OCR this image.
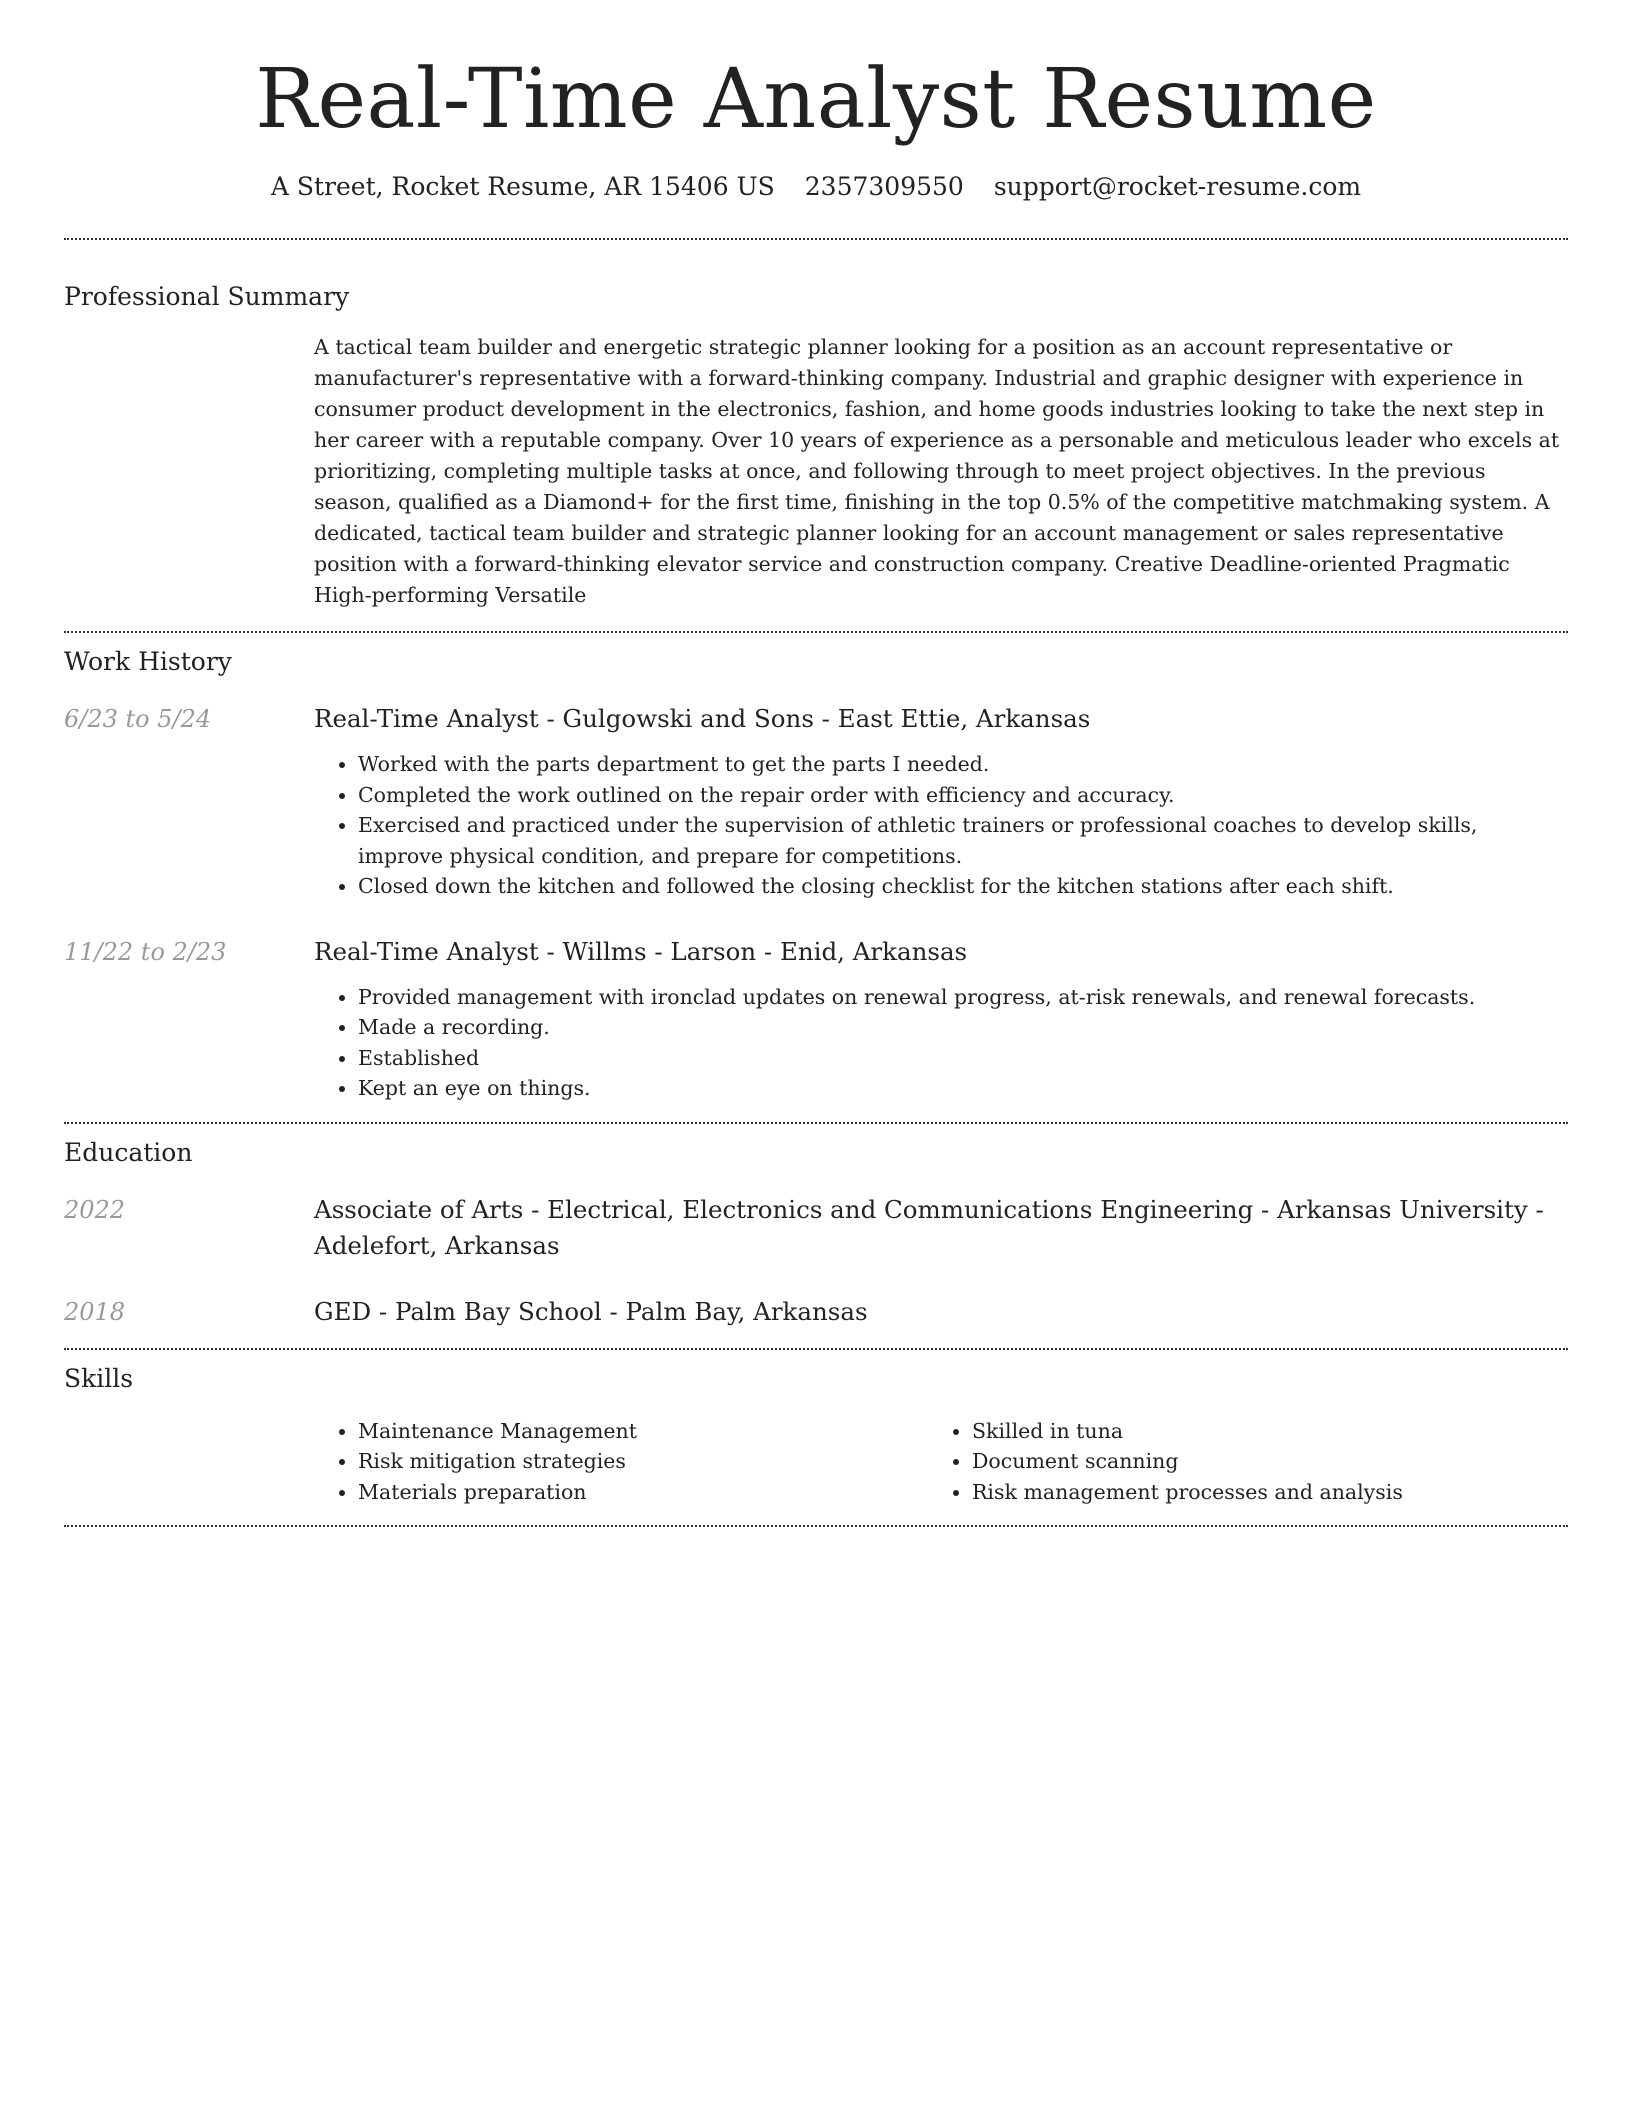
Real-Time Analyst Resume
A Street, Rocket Resume, AR 15406 US 2357309550 support@rocket-resume.com
Professional Summary

A tactical team builder and energetic strategic planner looking for a position as an account representative or manufacturer's representative with a forward-thinking company. Industrial and graphic designer with experience in consumer product development in the electronics, fashion, and home goods industries looking to take the next step in her career with a reputable company. Over 10 years of experience as a personable and meticulous leader who excels at prioritizing, completing multiple tasks at once, and following through to meet project objectives. In the previous season, qualified as a Diamond+ for the first time, finishing in the top 0.5% of the competitive matchmaking system. A dedicated, tactical team builder and strategic planner looking for an account management or sales representative position with a forward-thinking elevator service and construction company. Creative Deadline-oriented Pragmatic High-performing Versatile

Work History
6/23 to 5/24	Real-Time Analyst - Gulgowski and Sons - East Ettie, Arkansas
• Worked with the parts department to get the parts I needed.
• Completed the work outlined on the repair order with efficiency and accuracy.
• Exercised and practiced under the supervision of athletic trainers or professional coaches to develop skills, improve physical condition, and prepare for competitions.
• Closed down the kitchen and followed the closing checklist for the kitchen stations after each shift.
11/22 to 2/23	Real-Time Analyst - Willms - Larson - Enid, Arkansas
• Provided management with ironclad updates on renewal progress, at-risk renewals, and renewal forecasts.
• Made a recording.
• Established
• Kept an eye on things.
Education
2022	Associate of Arts - Electrical, Electronics and Communications Engineering - Arkansas University - Adelefort, Arkansas
2018	GED - Palm Bay School - Palm Bay, Arkansas
Skills
• Maintenance Management
• Risk mitigation strategies
• Materials preparation
• Skilled in tuna
• Document scanning
• Risk management processes and analysis
